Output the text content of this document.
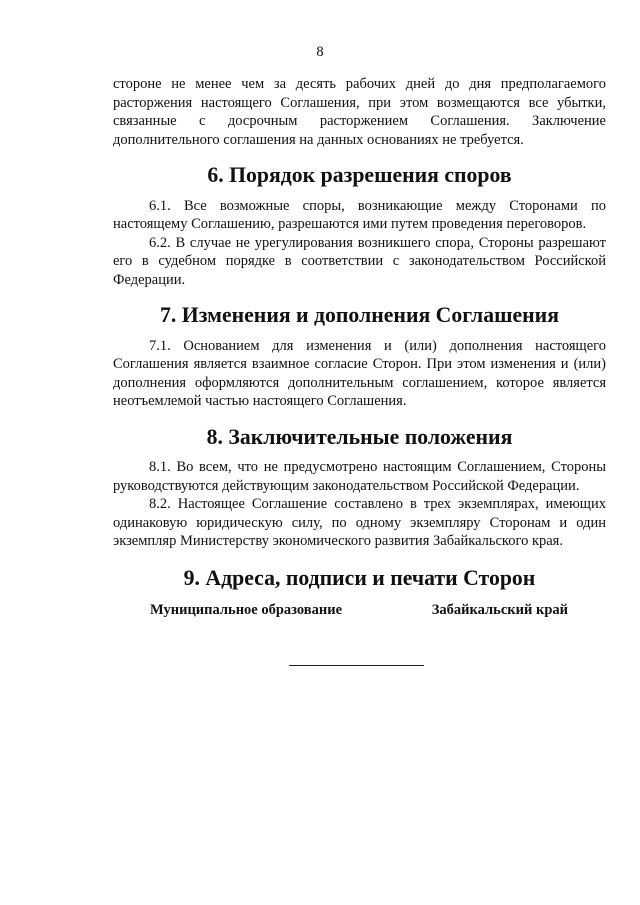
8

стороне не менее чем за десять рабочих дней до дня предполагаемого расторжения настоящего Соглашения, при этом возмещаются все убытки, связанные с досрочным расторжением Соглашения. Заключение дополнительного соглашения на данных основаниях не требуется.

6. Порядок разрешения споров

6.1. Все возможные споры, возникающие между Сторонами по настоящему Соглашению, разрешаются ими путем проведения переговоров.

6.2. В случае не урегулирования возникшего спора, Стороны разрешают его в судебном порядке в соответствии с законодательством Российской Федерации.

7. Изменения и дополнения Соглашения

7.1. Основанием для изменения и (или) дополнения настоящего Соглашения является взаимное согласие Сторон. При этом изменения и (или) дополнения оформляются дополнительным соглашением, которое является неотъемлемой частью настоящего Соглашения.

8. Заключительные положения

8.1. Во всем, что не предусмотрено настоящим Соглашением, Стороны руководствуются действующим законодательством Российской Федерации.

8.2. Настоящее Соглашение составлено в трех экземплярах, имеющих одинаковую юридическую силу, по одному экземпляру Сторонам и один экземпляр Министерству экономического развития Забайкальского края.

9. Адреса, подписи и печати Сторон
Муниципальное образование	Забайкальский край
